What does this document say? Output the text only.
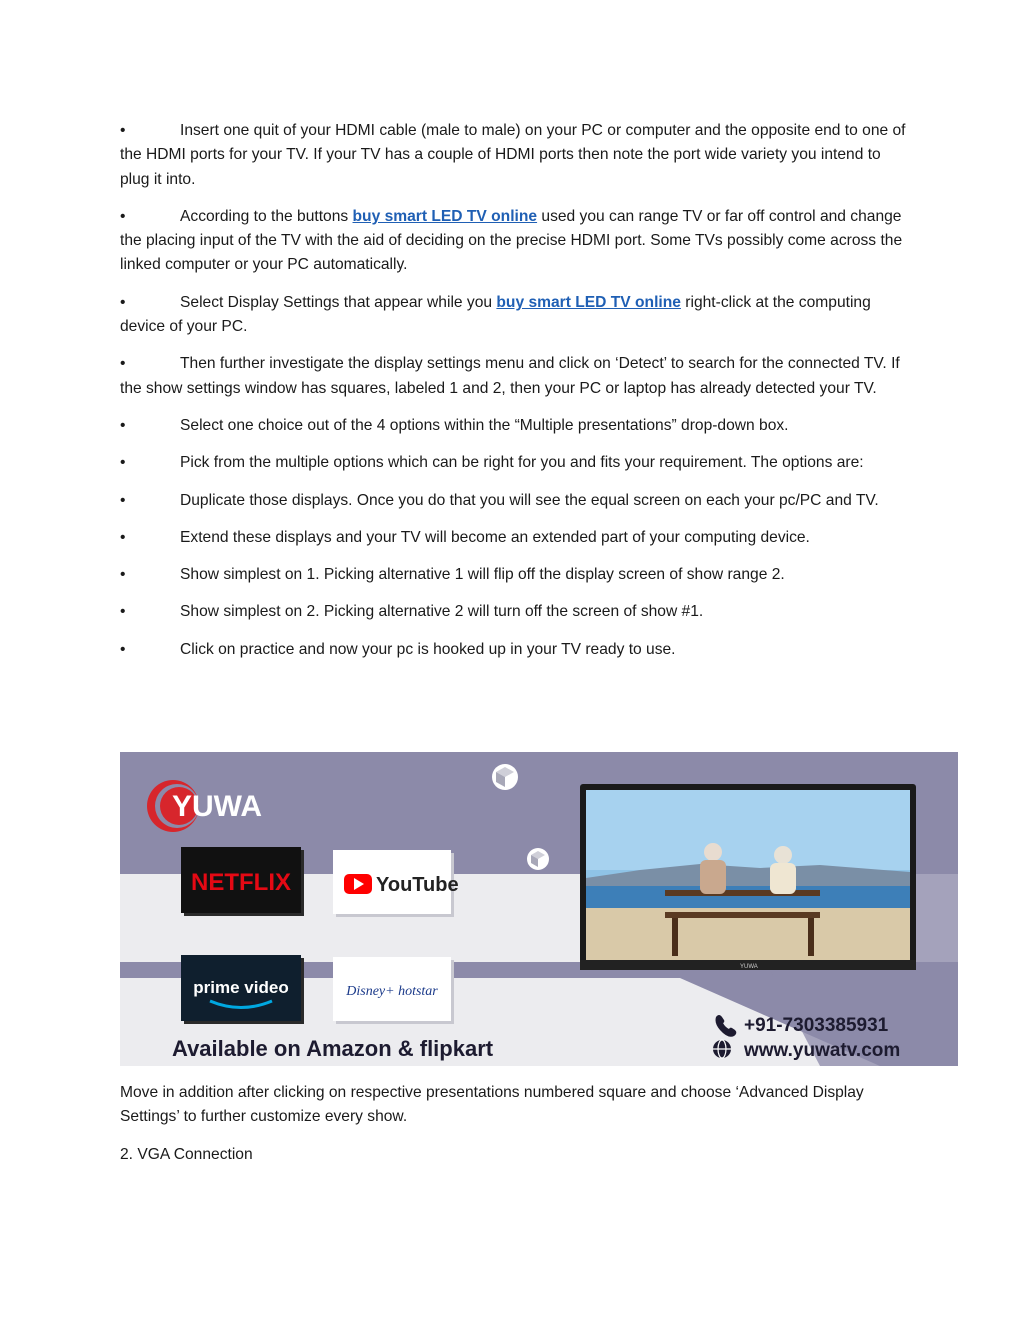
•	Insert one quit of your HDMI cable (male to male) on your PC or computer and the opposite end to one of the HDMI ports for your TV. If your TV has a couple of HDMI ports then note the port wide variety you intend to plug it into.

•	According to the buttons buy smart LED TV online used you can range TV or far off control and change the placing input of the TV with the aid of deciding on the precise HDMI port. Some TVs possibly come across the linked computer or your PC automatically.

•	Select Display Settings that appear while you buy smart LED TV online right-click at the computing device of your PC.

•	Then further investigate the display settings menu and click on ‘Detect’ to search for the connected TV. If the show settings window has squares, labeled 1 and 2, then your PC or laptop has already detected your TV.

•	Select one choice out of the 4 options within the “Multiple presentations” drop-down box.

•	Pick from the multiple options which can be right for you and fits your requirement. The options are:

•	Duplicate those displays. Once you do that you will see the equal screen on each your pc/PC and TV.

•	Extend these displays and your TV will become an extended part of your computing device.

•	Show simplest on 1. Picking alternative 1 will flip off the display screen of show range 2.

•	Show simplest on 2. Picking alternative 2 will turn off the screen of show #1.

•	Click on practice and now your pc is hooked up in your TV ready to use.

YUWA
NETFLIX	YouTube
prime video	Disney+ hotstar
Available on Amazon & flipkart
YUWA
+91-7303385931
www.yuwatv.com

Move in addition after clicking on respective presentations numbered square and choose ‘Advanced Display Settings’ to further customize every show.

2. VGA Connection
